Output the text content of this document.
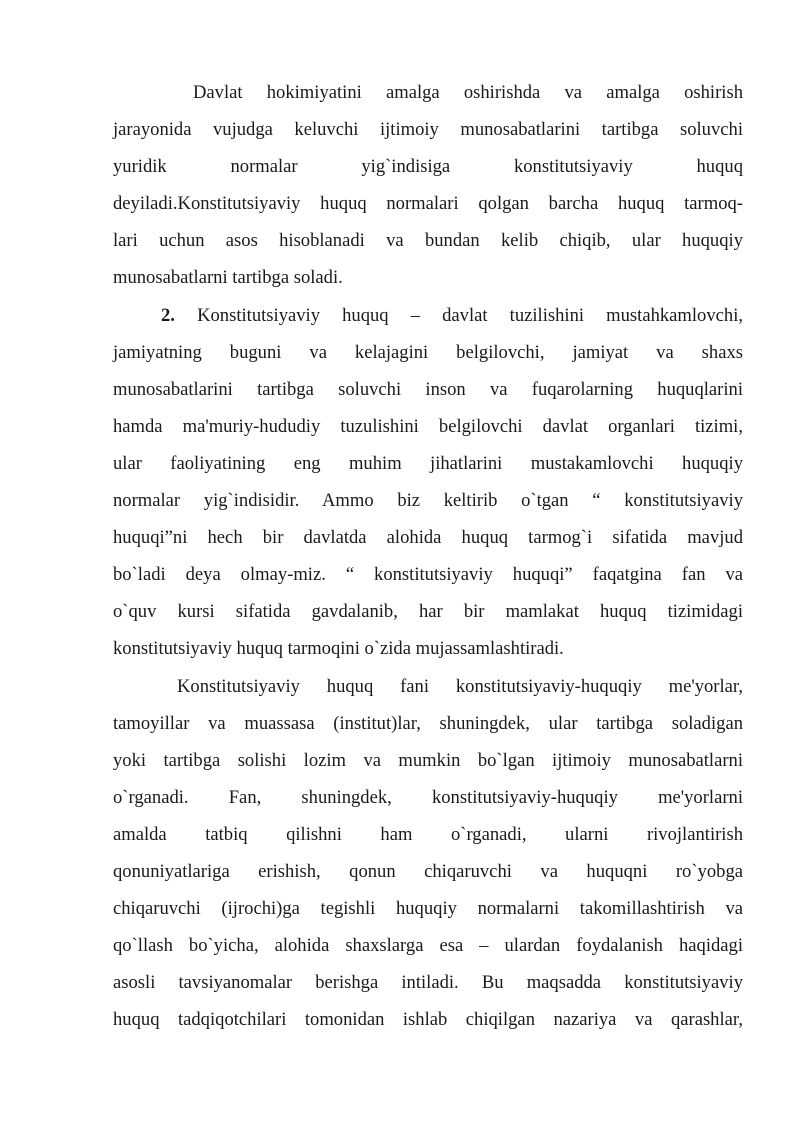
Davlat hokimiyatini amalga oshirishda va amalga oshirish
jarayonida vujudga keluvchi ijtimoiy munosabatlarini tartibga soluvchi
yuridik normalar yig`indisiga konstitutsiyaviy huquq
deyiladi.Konstitutsiyaviy huquq normalari qolgan barcha huquq tarmoq-
lari uchun asos hisoblanadi va bundan kelib chiqib, ular huquqiy
munosabatlarni tartibga soladi.
2. Konstitutsiyaviy huquq – davlat tuzilishini mustahkamlovchi,
jamiyatning buguni va kelajagini belgilovchi, jamiyat va shaxs
munosabatlarini tartibga soluvchi inson va fuqarolarning huquqlarini
hamda ma'muriy-hududiy tuzulishini belgilovchi davlat organlari tizimi,
ular faoliyatining eng muhim jihatlarini mustakamlovchi huquqiy
normalar yig`indisidir. Ammo biz keltirib o`tgan “ konstitutsiyaviy
huquqi”ni hech bir davlatda alohida huquq tarmog`i sifatida mavjud
bo`ladi deya olmay-miz. “ konstitutsiyaviy huquqi” faqatgina fan va
o`quv kursi sifatida gavdalanib, har bir mamlakat huquq tizimidagi
konstitutsiyaviy huquq tarmoqini o`zida mujassamlashtiradi.
Konstitutsiyaviy huquq fani konstitutsiyaviy-huquqiy me'yorlar,
tamoyillar va muassasa (institut)lar, shuningdek, ular tartibga soladigan
yoki tartibga solishi lozim va mumkin bo`lgan ijtimoiy munosabatlarni
o`rganadi. Fan, shuningdek, konstitutsiyaviy-huquqiy me'yorlarni
amalda tatbiq qilishni ham o`rganadi, ularni rivojlantirish
qonuniyatlariga erishish, qonun chiqaruvchi va huquqni ro`yobga
chiqaruvchi (ijrochi)ga tegishli huquqiy normalarni takomillashtirish va
qo`llash bo`yicha, alohida shaxslarga esa – ulardan foydalanish haqidagi
asosli tavsiyanomalar berishga intiladi. Bu maqsadda konstitutsiyaviy
huquq tadqiqotchilari tomonidan ishlab chiqilgan nazariya va qarashlar,
